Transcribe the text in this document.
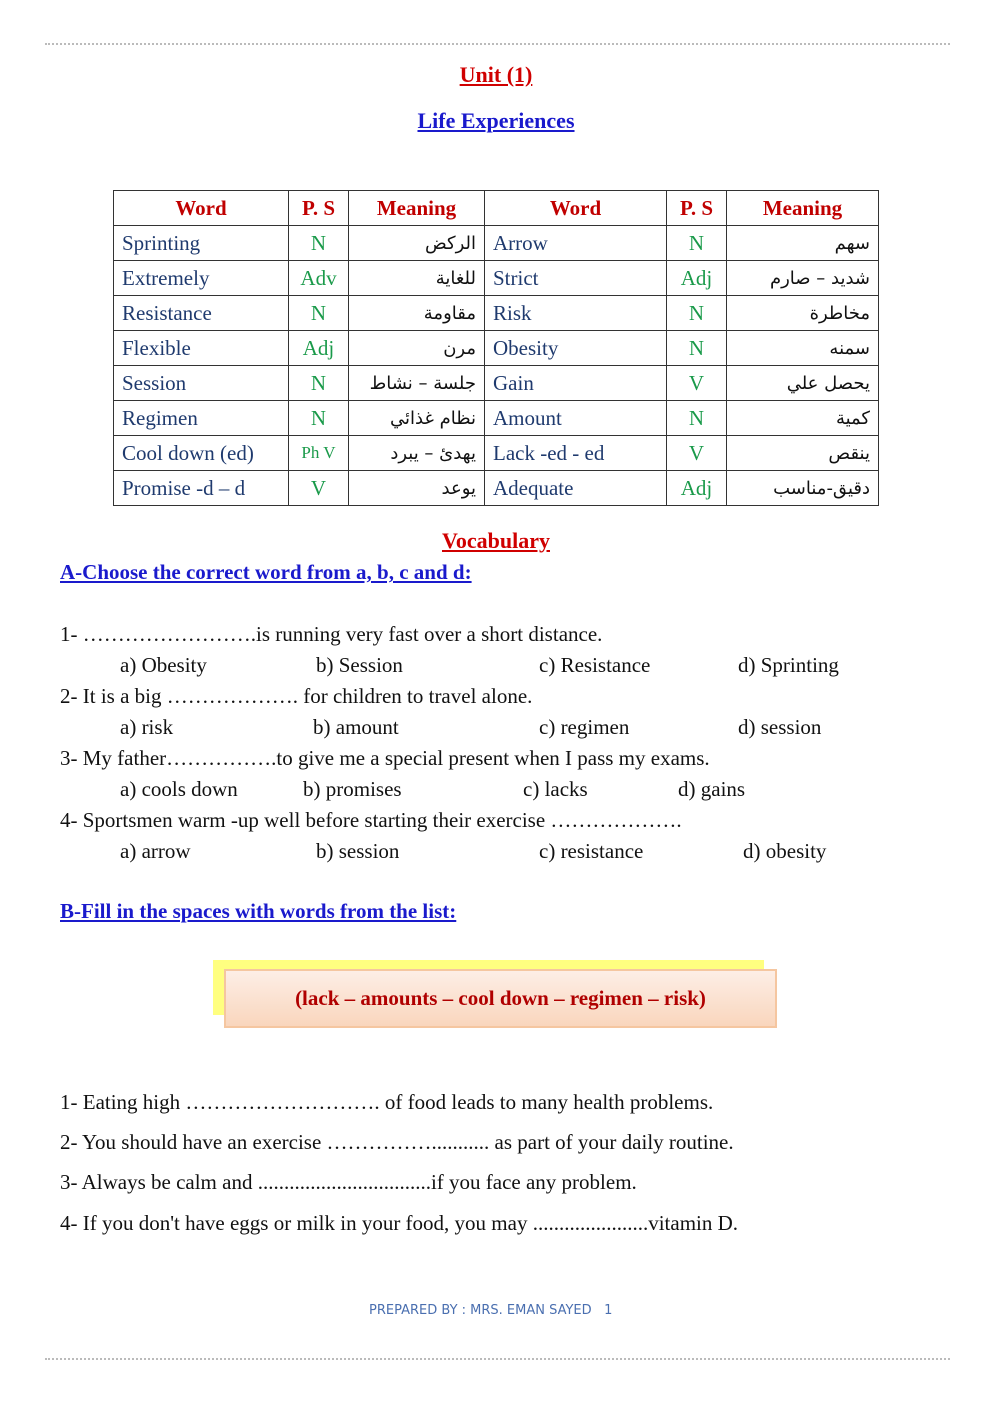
Unit (1)
Life Experiences
Word	P. S	Meaning	Word	P. S	Meaning
Sprinting	N	الركض	Arrow	N	سهم
Extremely	Adv	للغاية	Strict	Adj	شديد – صارم
Resistance	N	مقاومة	Risk	N	مخاطرة
Flexible	Adj	مرن	Obesity	N	سمنه
Session	N	جلسة – نشاط	Gain	V	يحصل علي
Regimen	N	نظام غذائي	Amount	N	كمية
Cool down (ed)	Ph V	يهدئ – يبرد	Lack -ed - ed	V	ينقص
Promise -d – d	V	يوعد	Adequate	Adj	دقيق-مناسب
Vocabulary
A-Choose the correct word from a, b, c and d:
1- …………………….is running very fast over a short distance.
a) Obesity	b) Session	c) Resistance	d) Sprinting
2- It is a big ………………. for children to travel alone.
a) risk	b) amount	c) regimen	d) session
3- My father…………….to give me a special present when I pass my exams.
a) cools down	b) promises	c) lacks	d) gains
4- Sportsmen warm -up well before starting their exercise ……………….
a) arrow	b) session	c) resistance	d) obesity
B-Fill in the spaces with words from the list:
(lack – amounts – cool down – regimen – risk)
1- Eating high ………………………. of food leads to many health problems.
2- You should have an exercise ……………........... as part of your daily routine.
3- Always be calm and .................................if you face any problem.
4- If you don't have eggs or milk in your food, you may ......................vitamin D.
PREPARED BY : MRS. EMAN SAYED 1
